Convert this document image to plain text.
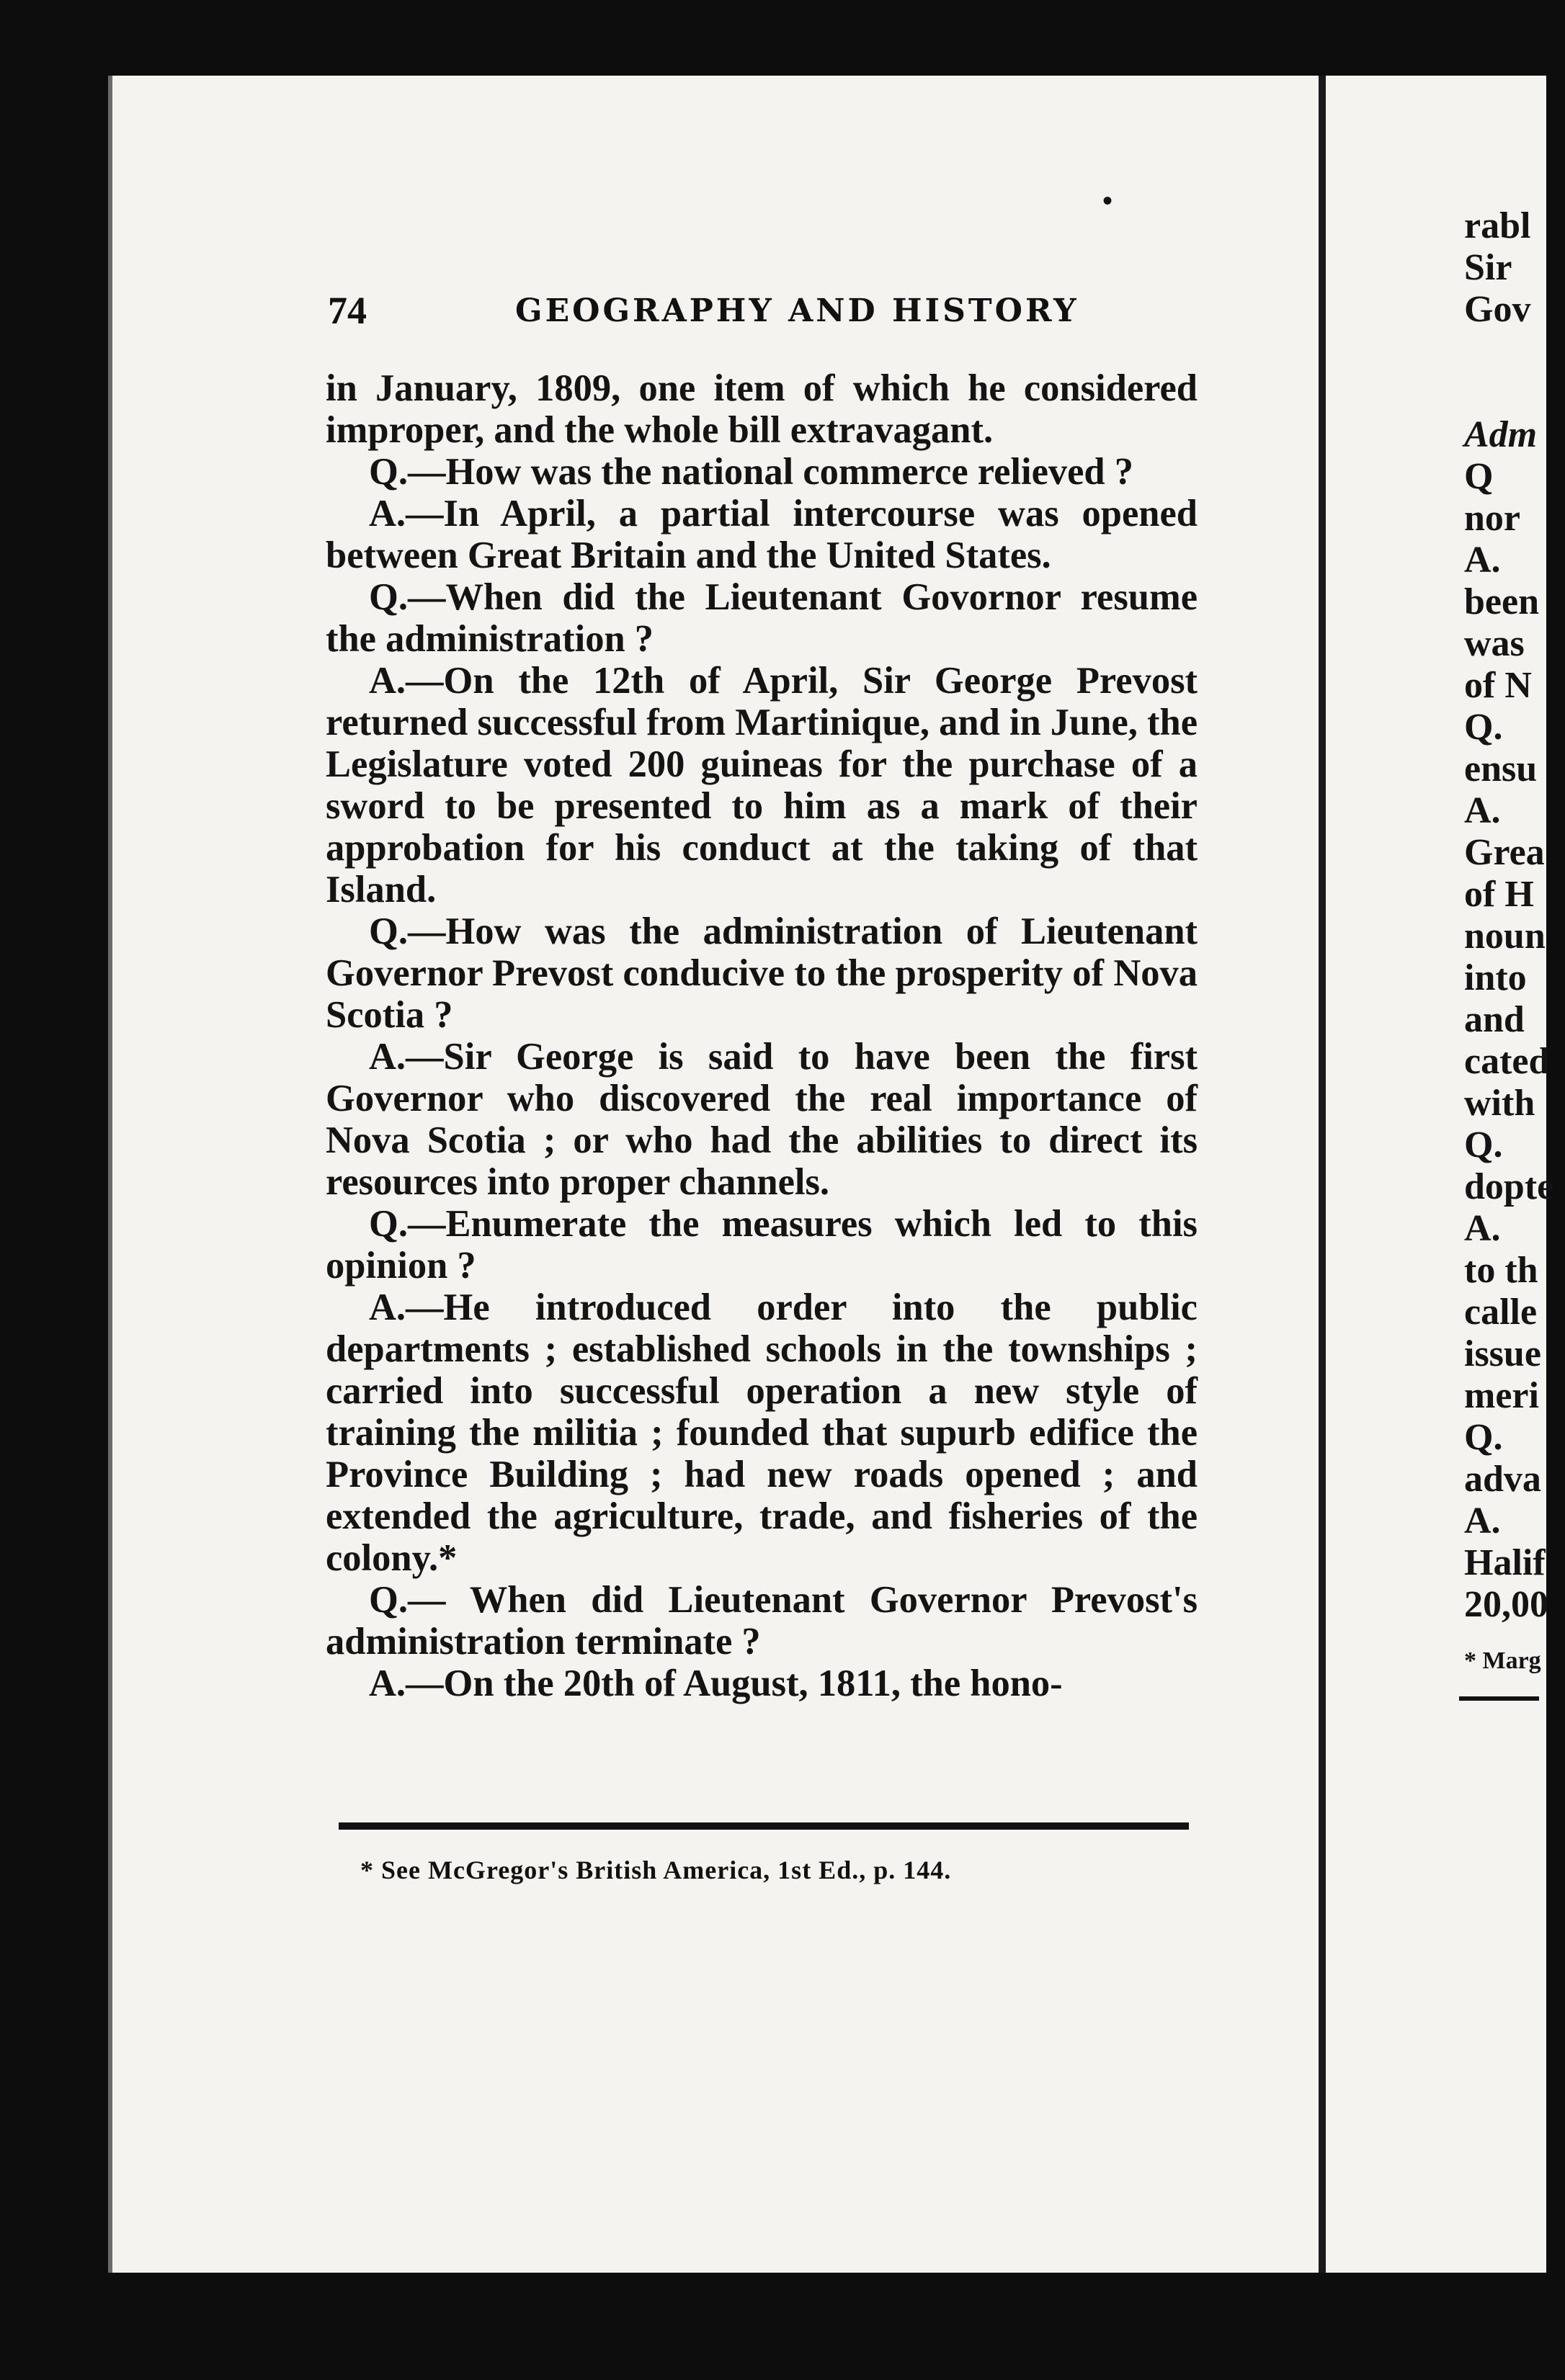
•
74	GEOGRAPHY AND HISTORY

in January, 1809, one item of which he considered improper, and the whole bill extravagant.

Q.—How was the national commerce relieved ?

A.—In April, a partial intercourse was opened between Great Britain and the United States.

Q.—When did the Lieutenant Govornor resume the administration ?

A.—On the 12th of April, Sir George Prevost returned successful from Martinique, and in June, the Legislature voted 200 guineas for the purchase of a sword to be presented to him as a mark of their approbation for his conduct at the taking of that Island.

Q.—How was the administration of Lieutenant Governor Prevost conducive to the prosperity of Nova Scotia ?

A.—Sir George is said to have been the first Governor who discovered the real importance of Nova Scotia ; or who had the abilities to direct its resources into proper channels.

Q.—Enumerate the measures which led to this opinion ?

A.—He introduced order into the public departments ; established schools in the townships ; carried into successful operation a new style of training the militia ; founded that supurb edifice the Province Building ; had new roads opened ; and extended the agriculture, trade, and fisheries of the colony.*

Q.— When did Lieutenant Governor Prevost's administration terminate ?

A.—On the 20th of August, 1811, the hono-

* See McGregor's British America, 1st Ed., p. 144.
rabl
Sir
Gov
Adm
Q
nor
A.
been
was
of N
Q.
ensu
A.
Grea
of H
noun
into
and
cated
with
Q.
dopte
A.
to th
calle
issue
meri
Q.
adva
A.
Halif
20,00
* Marg
